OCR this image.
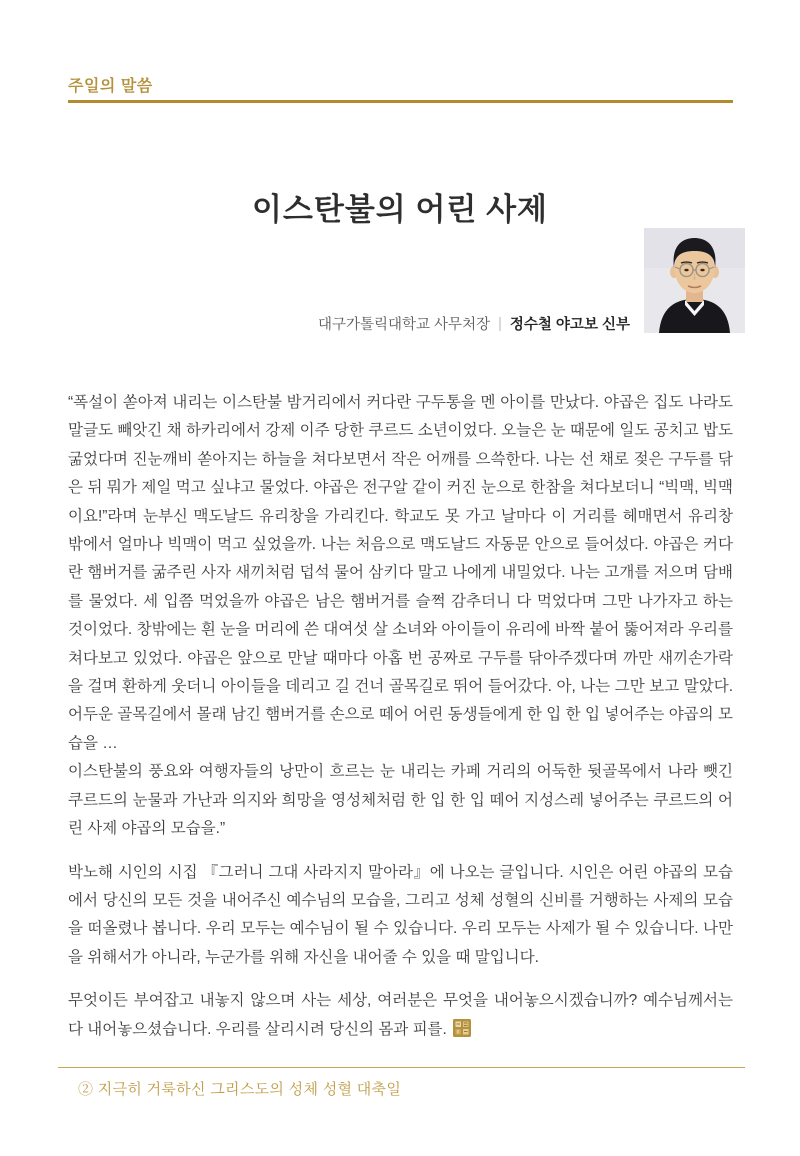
주일의 말씀
이스탄불의 어린 사제
대구가톨릭대학교 사무처장 | 정수철 야고보 신부

“폭설이 쏟아져 내리는 이스탄불 밤거리에서 커다란 구두통을 멘 아이를 만났다. 야곱은 집도 나라도 말글도 빼앗긴 채 하카리에서 강제 이주 당한 쿠르드 소년이었다. 오늘은 눈 때문에 일도 공치고 밥도 굶었다며 진눈깨비 쏟아지는 하늘을 쳐다보면서 작은 어깨를 으쓱한다. 나는 선 채로 젖은 구두를 닦은 뒤 뭐가 제일 먹고 싶냐고 물었다. 야곱은 전구알 같이 커진 눈으로 한참을 쳐다보더니 “빅맥, 빅맥이요!”라며 눈부신 맥도날드 유리창을 가리킨다. 학교도 못 가고 날마다 이 거리를 헤매면서 유리창 밖에서 얼마나 빅맥이 먹고 싶었을까. 나는 처음으로 맥도날드 자동문 안으로 들어섰다. 야곱은 커다란 햄버거를 굶주린 사자 새끼처럼 덥석 물어 삼키다 말고 나에게 내밀었다. 나는 고개를 저으며 담배를 물었다. 세 입쯤 먹었을까 야곱은 남은 햄버거를 슬쩍 감추더니 다 먹었다며 그만 나가자고 하는 것이었다. 창밖에는 흰 눈을 머리에 쓴 대여섯 살 소녀와 아이들이 유리에 바짝 붙어 뚫어져라 우리를 쳐다보고 있었다. 야곱은 앞으로 만날 때마다 아홉 번 공짜로 구두를 닦아주겠다며 까만 새끼손가락을 걸며 환하게 웃더니 아이들을 데리고 길 건너 골목길로 뛰어 들어갔다. 아, 나는 그만 보고 말았다. 어두운 골목길에서 몰래 남긴 햄버거를 손으로 떼어 어린 동생들에게 한 입 한 입 넣어주는 야곱의 모습을 …
이스탄불의 풍요와 여행자들의 낭만이 흐르는 눈 내리는 카페 거리의 어둑한 뒷골목에서 나라 뺏긴 쿠르드의 눈물과 가난과 의지와 희망을 영성체처럼 한 입 한 입 떼어 지성스레 넣어주는 쿠르드의 어린 사제 야곱의 모습을.”

박노해 시인의 시집 『그러니 그대 사라지지 말아라』에 나오는 글입니다. 시인은 어린 야곱의 모습에서 당신의 모든 것을 내어주신 예수님의 모습을, 그리고 성체 성혈의 신비를 거행하는 사제의 모습을 떠올렸나 봅니다. 우리 모두는 예수님이 될 수 있습니다. 우리 모두는 사제가 될 수 있습니다. 나만을 위해서가 아니라, 누군가를 위해 자신을 내어줄 수 있을 때 말입니다.

무엇이든 부여잡고 내놓지 않으며 사는 세상, 여러분은 무엇을 내어놓으시겠습니까? 예수님께서는 다 내어놓으셨습니다. 우리를 살리시려 당신의 몸과 피를.

② 지극히 거룩하신 그리스도의 성체 성혈 대축일
